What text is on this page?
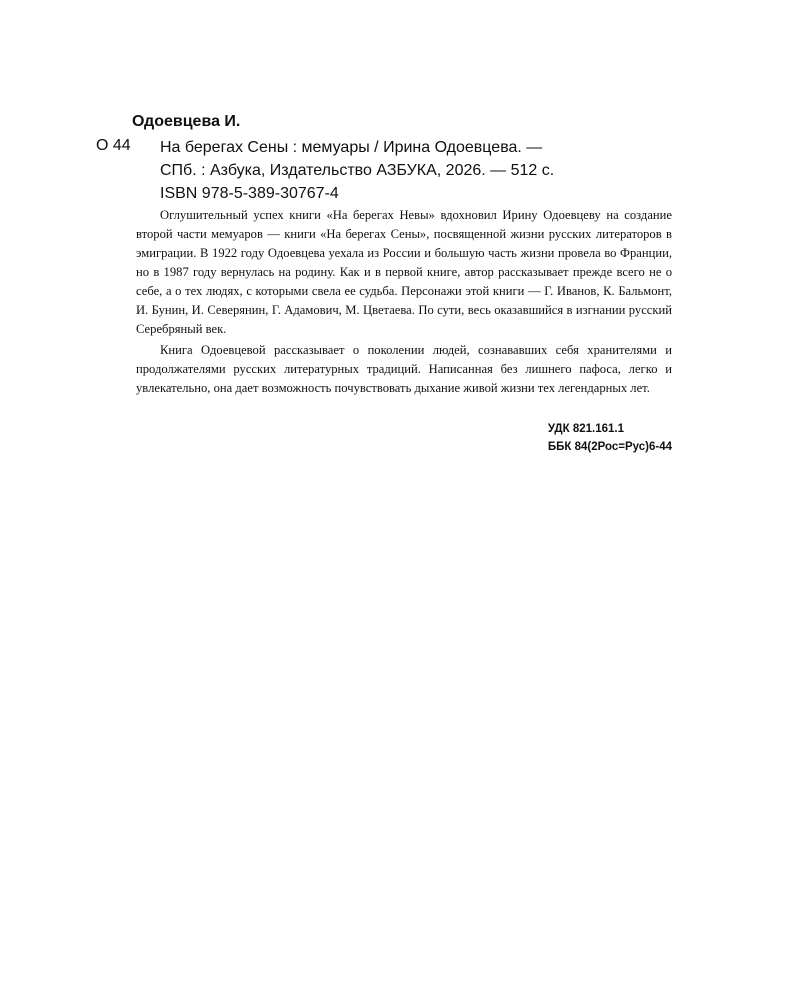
Одоевцева И.
О 44 На берегах Сены : мемуары / Ирина Одоевцева. —
СПб. : Азбука, Издательство АЗБУКА, 2026. — 512 с.
ISBN 978-5-389-30767-4

Оглушительный успех книги «На берегах Невы» вдохновил Ирину Одоевцеву на создание второй части мемуаров — книги «На берегах Сены», посвященной жизни русских литераторов в эмиграции. В 1922 году Одоевцева уехала из России и большую часть жизни провела во Франции, но в 1987 году вернулась на родину. Как и в первой книге, автор рассказывает прежде всего не о себе, а о тех людях, с которыми свела ее судьба. Персонажи этой книги — Г. Иванов, К. Бальмонт, И. Бунин, И. Северянин, Г. Адамович, М. Цветаева. По сути, весь оказавшийся в изгнании русский Серебряный век.

Книга Одоевцевой рассказывает о поколении людей, сознававших себя хранителями и продолжателями русских литературных традиций. Написанная без лишнего пафоса, легко и увлекательно, она дает возможность почувствовать дыхание живой жизни тех легендарных лет.

УДК 821.161.1
ББК 84(2Рос=Рус)6-44
